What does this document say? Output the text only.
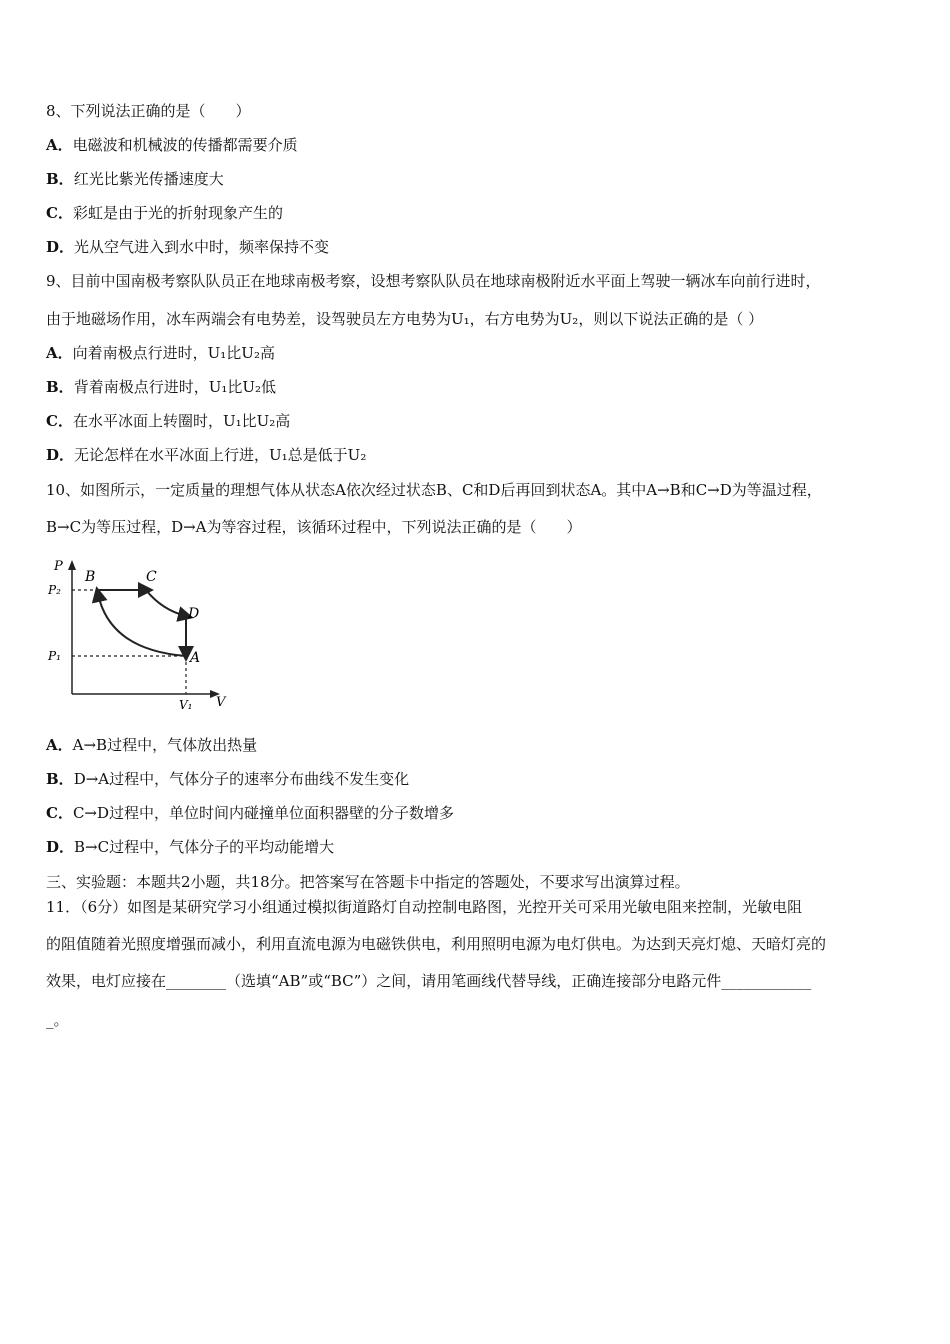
8、下列说法正确的是（　　）
A．电磁波和机械波的传播都需要介质
B．红光比紫光传播速度大
C．彩虹是由于光的折射现象产生的
D．光从空气进入到水中时，频率保持不变
9、目前中国南极考察队队员正在地球南极考察，设想考察队队员在地球南极附近水平面上驾驶一辆冰车向前行进时，
由于地磁场作用，冰车两端会有电势差，设驾驶员左方电势为U₁，右方电势为U₂，则以下说法正确的是（ ）
A．向着南极点行进时，U₁比U₂高
B．背着南极点行进时，U₁比U₂低
C．在水平冰面上转圈时，U₁比U₂高
D．无论怎样在水平冰面上行进，U₁总是低于U₂
10、如图所示，一定质量的理想气体从状态A依次经过状态B、C和D后再回到状态A。其中A→B和C→D为等温过程，
B→C为等压过程，D→A为等容过程，该循环过程中，下列说法正确的是（　　）
P
V
P₂
P₁
V₁
B	C
D
A
A．A→B过程中，气体放出热量
B．D→A过程中，气体分子的速率分布曲线不发生变化
C．C→D过程中，单位时间内碰撞单位面积器壁的分子数增多
D．B→C过程中，气体分子的平均动能增大
三、实验题：本题共2小题，共18分。把答案写在答题卡中指定的答题处，不要求写出演算过程。
11．（6分）如图是某研究学习小组通过模拟街道路灯自动控制电路图，光控开关可采用光敏电阻来控制，光敏电阻
的阻值随着光照度增强而减小，利用直流电源为电磁铁供电，利用照明电源为电灯供电。为达到天亮灯熄、天暗灯亮的
效果，电灯应接在________（选填“AB”或“BC”）之间，请用笔画线代替导线，正确连接部分电路元件____________
_。
